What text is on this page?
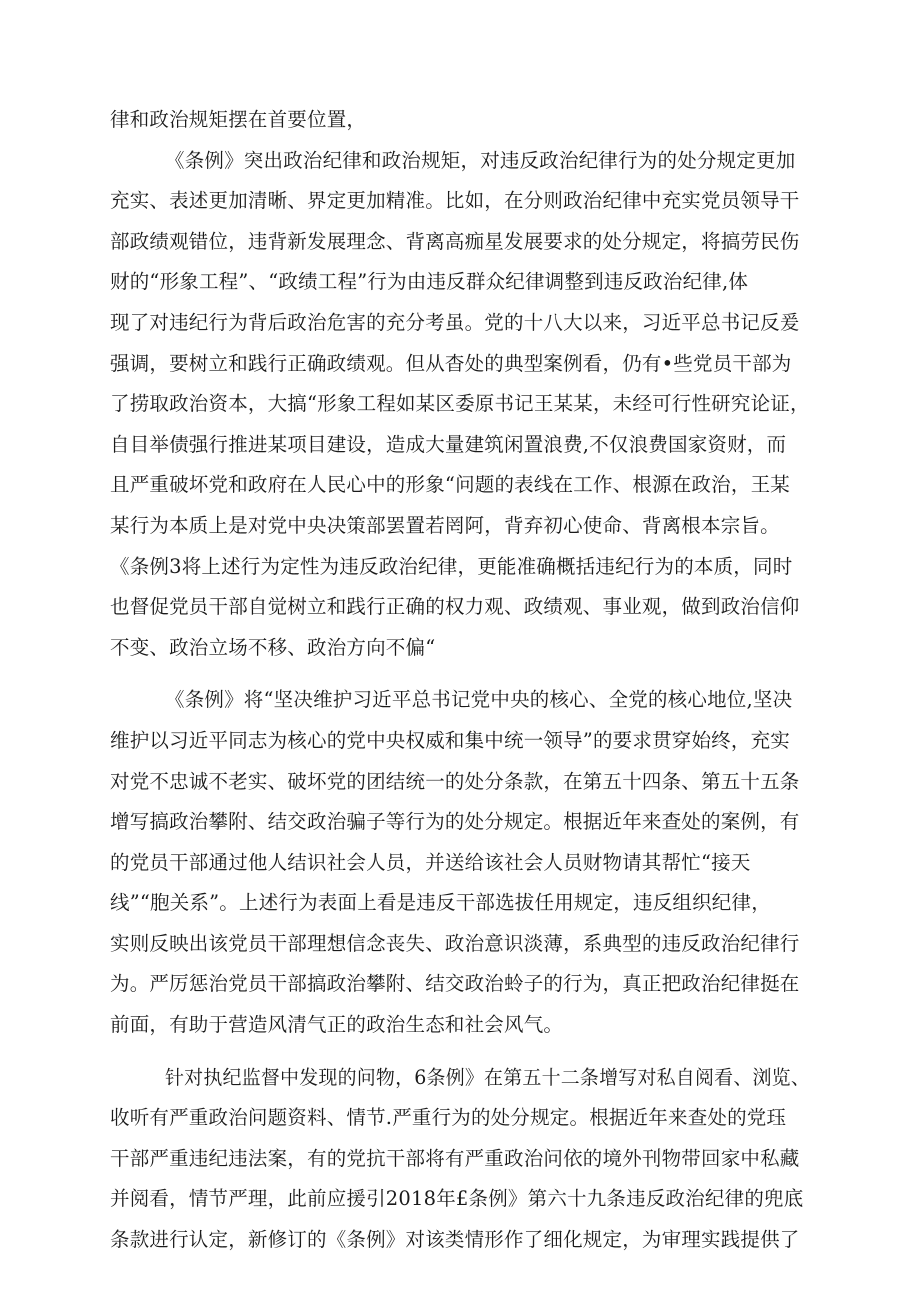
律和政治规矩摆在首要位置，
《条例》突出政治纪律和政治规矩，对违反政治纪律行为的处分规定更加
充实、表述更加清晰、界定更加精准。比如，在分则政治纪律中充实党员领导干
部政绩观错位，违背新发展理念、背离高痂星发展要求的处分规定，将搞劳民伤
财的“形象工程”、“政绩工程”行为由违反群众纪律调整到违反政治纪律,体
现了对违纪行为背后政治危害的充分考虽。党的十八大以来，习近平总书记反爰
强调，要树立和践行正确政绩观。但从杳处的典型案例看，仍有•些党员干部为
了捞取政治资本，大搞“形象工程如某区委原书记王某某，未经可行性研究论证，
自目举债强行推进某项目建设，造成大量建筑闲置浪费,不仅浪费国家资财，而
且严重破坏党和政府在人民心中的形象“问题的表线在工作、根源在政治，王某
某行为本质上是对党中央决策部罢置若罔阿，背弃初心使命、背离根本宗旨。
《条例3将上述行为定性为违反政治纪律，更能准确概括违纪行为的本质，同时
也督促党员干部自觉树立和践行正确的权力观、政绩观、事业观，做到政治信仰
不变、政治立场不移、政治方向不偏“
《条例》将“坚决维护习近平总书记党中央的核心、全党的核心地位,坚决
维护以习近平同志为核心的党中央权威和集中统一领导”的要求贯穿始终，充实
对党不忠诚不老实、破坏党的团结统一的处分条款，在第五十四条、第五十五条
增写搞政治攀附、结交政治骗子等行为的处分规定。根据近年来查处的案例，有
的党员干部通过他人结识社会人员，并送给该社会人员财物请其帮忙“接天
线”“胞关系”。上述行为表面上看是违反干部选拔任用规定，违反组织纪律，
实则反映出该党员干部理想信念丧失、政治意识淡薄，系典型的违反政治纪律行
为。严厉惩治党员干部搞政治攀附、结交政治蛉子的行为，真正把政治纪律挺在
前面，有助于营造风清气正的政治生态和社会风气。
针对执纪监督中发现的问物，6条例》在第五十二条增写对私自阅看、浏览、
收听有严重政治问题资料、情节.严重行为的处分规定。根据近年来查处的党珏
干部严重违纪违法案，有的党抗干部将有严重政治问依的境外刊物带回家中私藏
并阅看，情节严理，此前应援引2018年£条例》第六十九条违反政治纪律的兜底
条款进行认定，新修订的《条例》对该类情形作了细化规定，为审理实践提供了
